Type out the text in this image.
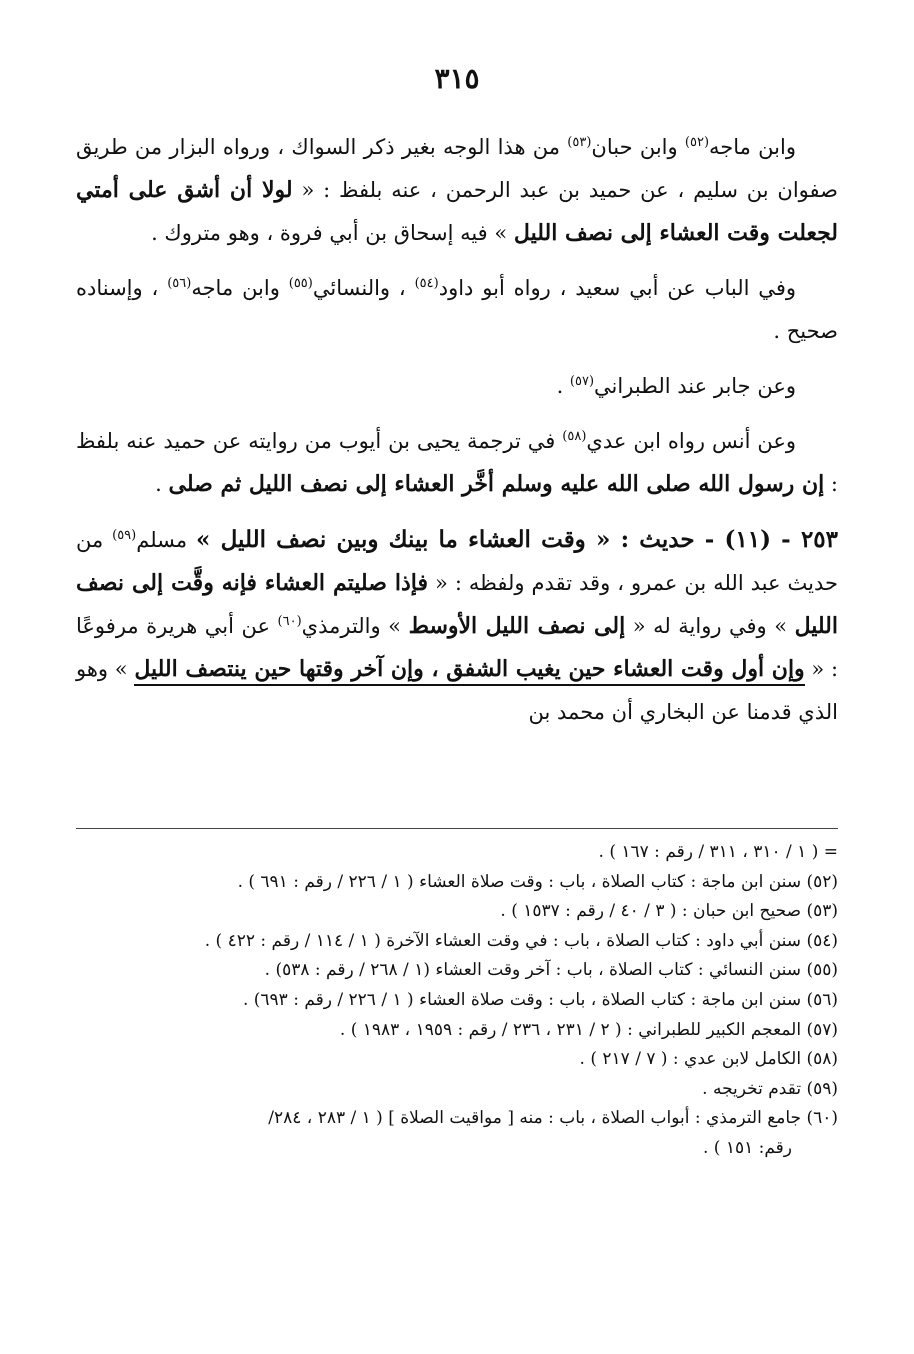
٣١٥

وابن ماجه$^{(٥٢)}$ وابن حبان$^{(٥٣)}$ من هذا الوجه بغير ذكر السواك ، ورواه البزار من طريق صفوان بن سليم ، عن حميد بن عبد الرحمن ، عنه بلفظ : « لولا أن أشق على أمتي لجعلت وقت العشاء إلى نصف الليل » فيه إسحاق بن أبي فروة ، وهو متروك .

وفي الباب عن أبي سعيد ، رواه أبو داود$^{(٥٤)}$ ، والنسائي$^{(٥٥)}$ وابن ماجه$^{(٥٦)}$ ، وإسناده صحيح .

وعن جابر عند الطبراني$^{(٥٧)}$ .

وعن أنس رواه ابن عدي$^{(٥٨)}$ في ترجمة يحيى بن أيوب من روايته عن حميد عنه بلفظ : إن رسول الله صلى الله عليه وسلم أخَّر العشاء إلى نصف الليل ثم صلى .

٢٥٣ - (١١) - حديث : « وقت العشاء ما بينك وبين نصف الليل » مسلم$^{(٥٩)}$ من حديث عبد الله بن عمرو ، وقد تقدم ولفظه : « فإذا صليتم العشاء فإنه وقَّت إلى نصف الليل » وفي رواية له « إلى نصف الليل الأوسط » والترمذي$^{(٦٠)}$ عن أبي هريرة مرفوعًا : « وإن أول وقت العشاء حين يغيب الشفق ، وإن آخر وقتها حين ينتصف الليل » وهو الذي قدمنا عن البخاري أن محمد بن

= ( ١ / ٣١٠ ، ٣١١ / رقم : ١٦٧ ) .

(٥٢) سنن ابن ماجة : كتاب الصلاة ، باب : وقت صلاة العشاء ( ١ / ٢٢٦ / رقم : ٦٩١ ) .

(٥٣) صحيح ابن حبان : ( ٣ / ٤٠ / رقم : ١٥٣٧ ) .

(٥٤) سنن أبي داود : كتاب الصلاة ، باب : في وقت العشاء الآخرة ( ١ / ١١٤ / رقم : ٤٢٢ ) .

(٥٥) سنن النسائي : كتاب الصلاة ، باب : آخر وقت العشاء (١ / ٢٦٨ / رقم : ٥٣٨) .

(٥٦) سنن ابن ماجة : كتاب الصلاة ، باب : وقت صلاة العشاء ( ١ / ٢٢٦ / رقم : ٦٩٣) .

(٥٧) المعجم الكبير للطبراني : ( ٢ / ٢٣١ ، ٢٣٦ / رقم : ١٩٥٩ ، ١٩٨٣ ) .

(٥٨) الكامل لابن عدي : ( ٧ / ٢١٧ ) .

(٥٩) تقدم تخريجه .

(٦٠) جامع الترمذي : أبواب الصلاة ، باب : منه [ مواقيت الصلاة ] ( ١ / ٢٨٣ ، ٢٨٤/

رقم: ١٥١ ) .
